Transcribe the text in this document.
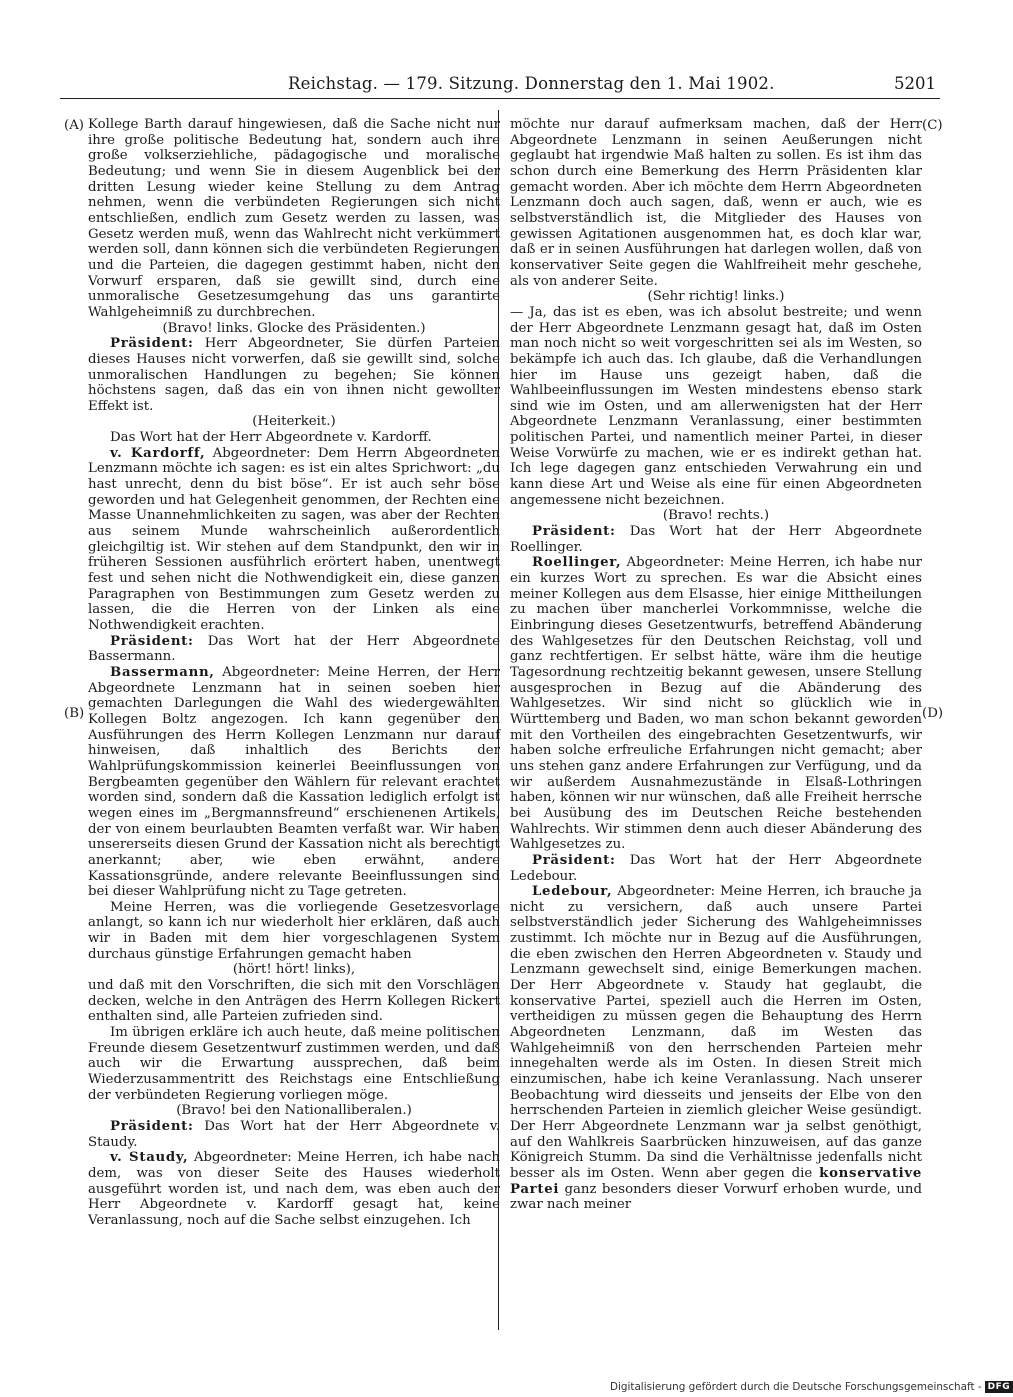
Reichstag. — 179. Sitzung. Donnerstag den 1. Mai 1902.	5201
(A)
(B)
(C)
(D)

Kollege Barth darauf hingewiesen, daß die Sache nicht nur ihre große politische Bedeutung hat, sondern auch ihre große volkserziehliche, pädagogische und moralische Bedeutung; und wenn Sie in diesem Augenblick bei der dritten Lesung wieder keine Stellung zu dem Antrag nehmen, wenn die verbündeten Regierungen sich nicht entschließen, endlich zum Gesetz werden zu lassen, was Gesetz werden muß, wenn das Wahlrecht nicht verkümmert werden soll, dann können sich die verbündeten Regierungen und die Parteien, die dagegen gestimmt haben, nicht den Vorwurf ersparen, daß sie gewillt sind, durch eine unmoralische Gesetzesumgehung das uns garantirte Wahlgeheimniß zu durchbrechen.

(Bravo! links. Glocke des Präsidenten.)

Präsident: Herr Abgeordneter, Sie dürfen Parteien dieses Hauses nicht vorwerfen, daß sie gewillt sind, solche unmoralischen Handlungen zu begehen; Sie können höchstens sagen, daß das ein von ihnen nicht gewollter Effekt ist.

(Heiterkeit.)

Das Wort hat der Herr Abgeordnete v. Kardorff.

v. Kardorff, Abgeordneter: Dem Herrn Abgeordneten Lenzmann möchte ich sagen: es ist ein altes Sprichwort: „du hast unrecht, denn du bist böse“. Er ist auch sehr böse geworden und hat Gelegenheit genommen, der Rechten eine Masse Unannehmlichkeiten zu sagen, was aber der Rechten aus seinem Munde wahrscheinlich außerordentlich gleichgiltig ist. Wir stehen auf dem Standpunkt, den wir in früheren Sessionen ausführlich erörtert haben, unentwegt fest und sehen nicht die Nothwendigkeit ein, diese ganzen Paragraphen von Bestimmungen zum Gesetz werden zu lassen, die die Herren von der Linken als eine Nothwendigkeit erachten.

Präsident: Das Wort hat der Herr Abgeordnete Bassermann.

Bassermann, Abgeordneter: Meine Herren, der Herr Abgeordnete Lenzmann hat in seinen soeben hier gemachten Darlegungen die Wahl des wiedergewählten Kollegen Boltz angezogen. Ich kann gegenüber den Ausführungen des Herrn Kollegen Lenzmann nur darauf hinweisen, daß inhaltlich des Berichts der Wahlprüfungskommission keinerlei Beeinflussungen von Bergbeamten gegenüber den Wählern für relevant erachtet worden sind, sondern daß die Kassation lediglich erfolgt ist wegen eines im „Bergmannsfreund“ erschienenen Artikels, der von einem beurlaubten Beamten verfaßt war. Wir haben unsererseits diesen Grund der Kassation nicht als berechtigt anerkannt; aber, wie eben erwähnt, andere Kassationsgründe, andere relevante Beeinflussungen sind bei dieser Wahlprüfung nicht zu Tage getreten.

Meine Herren, was die vorliegende Gesetzesvorlage anlangt, so kann ich nur wiederholt hier erklären, daß auch wir in Baden mit dem hier vorgeschlagenen System durchaus günstige Erfahrungen gemacht haben

(hört! hört! links),

und daß mit den Vorschriften, die sich mit den Vorschlägen decken, welche in den Anträgen des Herrn Kollegen Rickert enthalten sind, alle Parteien zufrieden sind.

Im übrigen erkläre ich auch heute, daß meine politischen Freunde diesem Gesetzentwurf zustimmen werden, und daß auch wir die Erwartung aussprechen, daß beim Wiederzusammentritt des Reichstags eine Entschließung der verbündeten Regierung vorliegen möge.

(Bravo! bei den Nationalliberalen.)

Präsident: Das Wort hat der Herr Abgeordnete v. Staudy.

v. Staudy, Abgeordneter: Meine Herren, ich habe nach dem, was von dieser Seite des Hauses wiederholt ausgeführt worden ist, und nach dem, was eben auch der Herr Abgeordnete v. Kardorff gesagt hat, keine Veranlassung, noch auf die Sache selbst einzugehen. Ich

möchte nur darauf aufmerksam machen, daß der Herr Abgeordnete Lenzmann in seinen Aeußerungen nicht geglaubt hat irgendwie Maß halten zu sollen. Es ist ihm das schon durch eine Bemerkung des Herrn Präsidenten klar gemacht worden. Aber ich möchte dem Herrn Abgeordneten Lenzmann doch auch sagen, daß, wenn er auch, wie es selbstverständlich ist, die Mitglieder des Hauses von gewissen Agitationen ausgenommen hat, es doch klar war, daß er in seinen Ausführungen hat darlegen wollen, daß von konservativer Seite gegen die Wahlfreiheit mehr geschehe, als von anderer Seite.

(Sehr richtig! links.)

— Ja, das ist es eben, was ich absolut bestreite; und wenn der Herr Abgeordnete Lenzmann gesagt hat, daß im Osten man noch nicht so weit vorgeschritten sei als im Westen, so bekämpfe ich auch das. Ich glaube, daß die Verhandlungen hier im Hause uns gezeigt haben, daß die Wahlbeeinflussungen im Westen mindestens ebenso stark sind wie im Osten, und am allerwenigsten hat der Herr Abgeordnete Lenzmann Veranlassung, einer bestimmten politischen Partei, und namentlich meiner Partei, in dieser Weise Vorwürfe zu machen, wie er es indirekt gethan hat. Ich lege dagegen ganz entschieden Verwahrung ein und kann diese Art und Weise als eine für einen Abgeordneten angemessene nicht bezeichnen.

(Bravo! rechts.)

Präsident: Das Wort hat der Herr Abgeordnete Roellinger.

Roellinger, Abgeordneter: Meine Herren, ich habe nur ein kurzes Wort zu sprechen. Es war die Absicht eines meiner Kollegen aus dem Elsasse, hier einige Mittheilungen zu machen über mancherlei Vorkommnisse, welche die Einbringung dieses Gesetzentwurfs, betreffend Abänderung des Wahlgesetzes für den Deutschen Reichstag, voll und ganz rechtfertigen. Er selbst hätte, wäre ihm die heutige Tagesordnung rechtzeitig bekannt gewesen, unsere Stellung ausgesprochen in Bezug auf die Abänderung des Wahlgesetzes. Wir sind nicht so glücklich wie in Württemberg und Baden, wo man schon bekannt geworden mit den Vortheilen des eingebrachten Gesetzentwurfs, wir haben solche erfreuliche Erfahrungen nicht gemacht; aber uns stehen ganz andere Erfahrungen zur Verfügung, und da wir außerdem Ausnahmezustände in Elsaß-Lothringen haben, können wir nur wünschen, daß alle Freiheit herrsche bei Ausübung des im Deutschen Reiche bestehenden Wahlrechts. Wir stimmen denn auch dieser Abänderung des Wahlgesetzes zu.

Präsident: Das Wort hat der Herr Abgeordnete Ledebour.

Ledebour, Abgeordneter: Meine Herren, ich brauche ja nicht zu versichern, daß auch unsere Partei selbstverständlich jeder Sicherung des Wahlgeheimnisses zustimmt. Ich möchte nur in Bezug auf die Ausführungen, die eben zwischen den Herren Abgeordneten v. Staudy und Lenzmann gewechselt sind, einige Bemerkungen machen. Der Herr Abgeordnete v. Staudy hat geglaubt, die konservative Partei, speziell auch die Herren im Osten, vertheidigen zu müssen gegen die Behauptung des Herrn Abgeordneten Lenzmann, daß im Westen das Wahlgeheimniß von den herrschenden Parteien mehr innegehalten werde als im Osten. In diesen Streit mich einzumischen, habe ich keine Veranlassung. Nach unserer Beobachtung wird diesseits und jenseits der Elbe von den herrschenden Parteien in ziemlich gleicher Weise gesündigt. Der Herr Abgeordnete Lenzmann war ja selbst genöthigt, auf den Wahlkreis Saarbrücken hinzuweisen, auf das ganze Königreich Stumm. Da sind die Verhältnisse jedenfalls nicht besser als im Osten. Wenn aber gegen die konservative Partei ganz besonders dieser Vorwurf erhoben wurde, und zwar nach meiner

Digitalisierung gefördert durch die Deutsche Forschungsgemeinschaft - DFG
